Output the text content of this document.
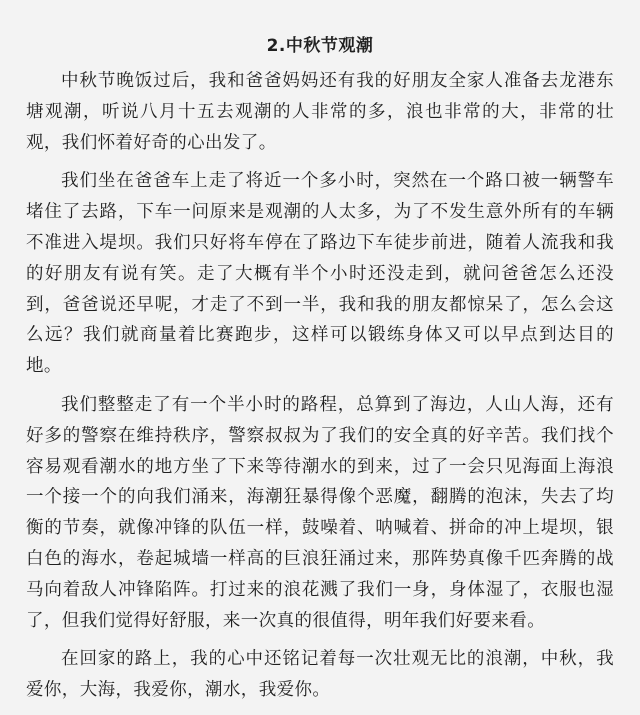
2.中秋节观潮

中秋节晚饭过后，我和爸爸妈妈还有我的好朋友全家人准备去龙港东塘观潮，听说八月十五去观潮的人非常的多，浪也非常的大，非常的壮观，我们怀着好奇的心出发了。

我们坐在爸爸车上走了将近一个多小时，突然在一个路口被一辆警车堵住了去路，下车一问原来是观潮的人太多，为了不发生意外所有的车辆不准进入堤坝。我们只好将车停在了路边下车徒步前进，随着人流我和我的好朋友有说有笑。走了大概有半个小时还没走到，就问爸爸怎么还没到，爸爸说还早呢，才走了不到一半，我和我的朋友都惊呆了，怎么会这么远？我们就商量着比赛跑步，这样可以锻练身体又可以早点到达目的地。

我们整整走了有一个半小时的路程，总算到了海边，人山人海，还有好多的警察在维持秩序，警察叔叔为了我们的安全真的好辛苦。我们找个容易观看潮水的地方坐了下来等待潮水的到来，过了一会只见海面上海浪一个接一个的向我们涌来，海潮狂暴得像个恶魔，翻腾的泡沫，失去了均衡的节奏，就像冲锋的队伍一样，鼓噪着、呐喊着、拼命的冲上堤坝，银白色的海水，卷起城墙一样高的巨浪狂涌过来，那阵势真像千匹奔腾的战马向着敌人冲锋陷阵。打过来的浪花溅了我们一身，身体湿了，衣服也湿了，但我们觉得好舒服，来一次真的很值得，明年我们好要来看。

在回家的路上，我的心中还铭记着每一次壮观无比的浪潮，中秋，我爱你，大海，我爱你，潮水，我爱你。
